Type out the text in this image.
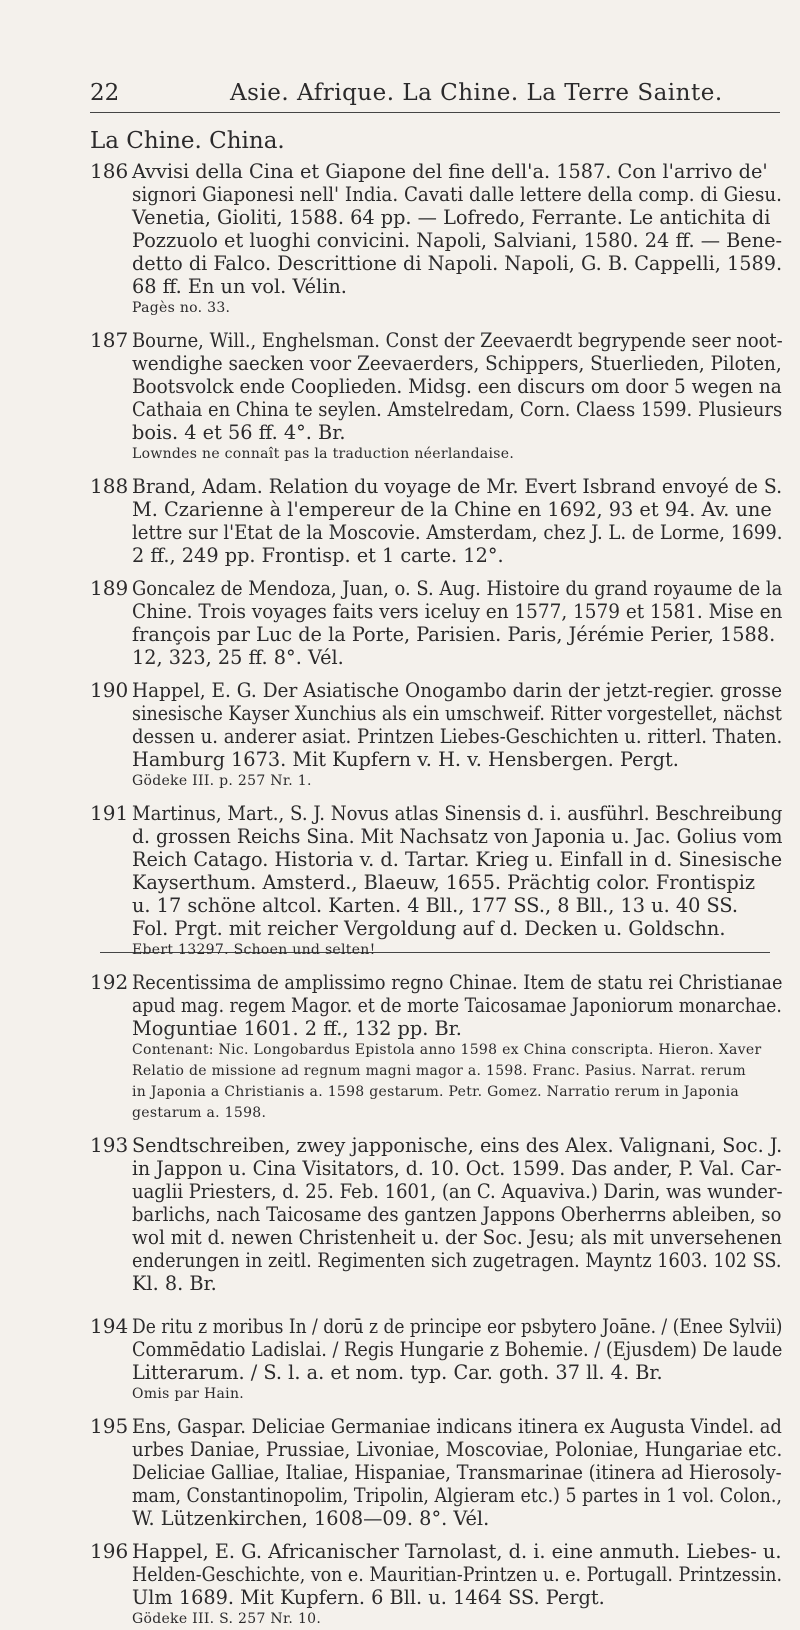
22	Asie. Afrique. La Chine. La Terre Sainte.
La Chine. China.
186 Avvisi della Cina et Giapone del fine dell'a. 1587. Con l'arrivo de'
signori Giaponesi nell' India. Cavati dalle lettere della comp. di Giesu.
Venetia, Gioliti, 1588. 64 pp. — Lofredo, Ferrante. Le antichita di
Pozzuolo et luoghi convicini. Napoli, Salviani, 1580. 24 ff. — Bene-
detto di Falco. Descrittione di Napoli. Napoli, G. B. Cappelli, 1589.
68 ff. En un vol. Vélin.
Pagès no. 33.
187 Bourne, Will., Enghelsman. Const der Zeevaerdt begrypende seer noot-
wendighe saecken voor Zeevaerders, Schippers, Stuerlieden, Piloten,
Bootsvolck ende Cooplieden. Midsg. een discurs om door 5 wegen na
Cathaia en China te seylen. Amstelredam, Corn. Claess 1599. Plusieurs
bois. 4 et 56 ff. 4°. Br.
Lowndes ne connaît pas la traduction néerlandaise.
188 Brand, Adam. Relation du voyage de Mr. Evert Isbrand envoyé de S.
M. Czarienne à l'empereur de la Chine en 1692, 93 et 94. Av. une
lettre sur l'Etat de la Moscovie. Amsterdam, chez J. L. de Lorme, 1699.
2 ff., 249 pp. Frontisp. et 1 carte. 12°.
189 Goncalez de Mendoza, Juan, o. S. Aug. Histoire du grand royaume de la
Chine. Trois voyages faits vers iceluy en 1577, 1579 et 1581. Mise en
françois par Luc de la Porte, Parisien. Paris, Jérémie Perier, 1588.
12, 323, 25 ff. 8°. Vél.
190 Happel, E. G. Der Asiatische Onogambo darin der jetzt-regier. grosse
sinesische Kayser Xunchius als ein umschweif. Ritter vorgestellet, nächst
dessen u. anderer asiat. Printzen Liebes-Geschichten u. ritterl. Thaten.
Hamburg 1673. Mit Kupfern v. H. v. Hensbergen. Pergt.
Gödeke III. p. 257 Nr. 1.
191 Martinus, Mart., S. J. Novus atlas Sinensis d. i. ausführl. Beschreibung
d. grossen Reichs Sina. Mit Nachsatz von Japonia u. Jac. Golius vom
Reich Catago. Historia v. d. Tartar. Krieg u. Einfall in d. Sinesische
Kayserthum. Amsterd., Blaeuw, 1655. Prächtig color. Frontispiz
u. 17 schöne altcol. Karten. 4 Bll., 177 SS., 8 Bll., 13 u. 40 SS.
Fol. Prgt. mit reicher Vergoldung auf d. Decken u. Goldschn.
Ebert 13297. Schoen und selten!
192 Recentissima de amplissimo regno Chinae. Item de statu rei Christianae
apud mag. regem Magor. et de morte Taicosamae Japoniorum monarchae.
Moguntiae 1601. 2 ff., 132 pp. Br.
Contenant: Nic. Longobardus Epistola anno 1598 ex China conscripta. Hieron. Xaver
Relatio de missione ad regnum magni magor a. 1598. Franc. Pasius. Narrat. rerum
in Japonia a Christianis a. 1598 gestarum. Petr. Gomez. Narratio rerum in Japonia
gestarum a. 1598.
193 Sendtschreiben, zwey japponische, eins des Alex. Valignani, Soc. J.
in Jappon u. Cina Visitators, d. 10. Oct. 1599. Das ander, P. Val. Car-
uaglii Priesters, d. 25. Feb. 1601, (an C. Aquaviva.) Darin, was wunder-
barlichs, nach Taicosame des gantzen Jappons Oberherrns ableiben, so
wol mit d. newen Christenheit u. der Soc. Jesu; als mit unversehenen
enderungen in zeitl. Regimenten sich zugetragen. Mayntz 1603. 102 SS.
Kl. 8. Br.
194 De ritu z moribus In / dorū z de principe eor psbytero Joāne. / (Enee Sylvii)
Commēdatio Ladislai. / Regis Hungarie z Bohemie. / (Ejusdem) De laude
Litterarum. / S. l. a. et nom. typ. Car. goth. 37 ll. 4. Br.
Omis par Hain.
195 Ens, Gaspar. Deliciae Germaniae indicans itinera ex Augusta Vindel. ad
urbes Daniae, Prussiae, Livoniae, Moscoviae, Poloniae, Hungariae etc.
Deliciae Galliae, Italiae, Hispaniae, Transmarinae (itinera ad Hierosoly-
mam, Constantinopolim, Tripolin, Algieram etc.) 5 partes in 1 vol. Colon.,
W. Lützenkirchen, 1608—09. 8°. Vél.
196 Happel, E. G. Africanischer Tarnolast, d. i. eine anmuth. Liebes- u.
Helden-Geschichte, von e. Mauritian-Printzen u. e. Portugall. Printzessin.
Ulm 1689. Mit Kupfern. 6 Bll. u. 1464 SS. Pergt.
Gödeke III. S. 257 Nr. 10.
